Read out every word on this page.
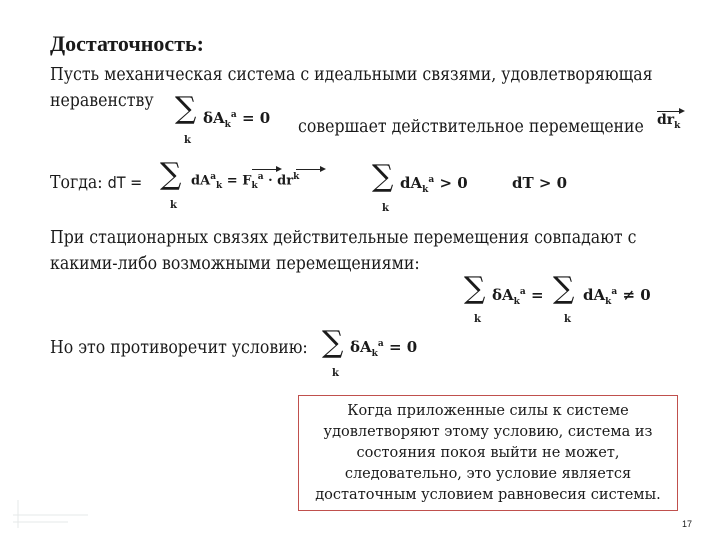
Достаточность:
Пусть механическая система с идеальными связями, удовлетворяющая
неравенству ∑
k
$\delta A_k^a = 0$ совершает действительное перемещение $dr_k$
Тогда: dT = ∑
k
$dA^a_k = F_k^a \cdot dr^k$ ∑
k
$dA_k^a > 0$	dT > 0
При стационарных связях действительные перемещения совпадают с
какими-либо возможными перемещениями:
∑
k
$\delta A_k^a$ = ∑
k
$dA_k^a \ne 0$
Но это противоречит условию: ∑
k
$\delta A_k^a = 0$
Когда приложенные силы к системе
удовлетворяют этому условию, система из
состояния покоя выйти не может,
следовательно, это условие является
достаточным условием равновесия системы.
17
